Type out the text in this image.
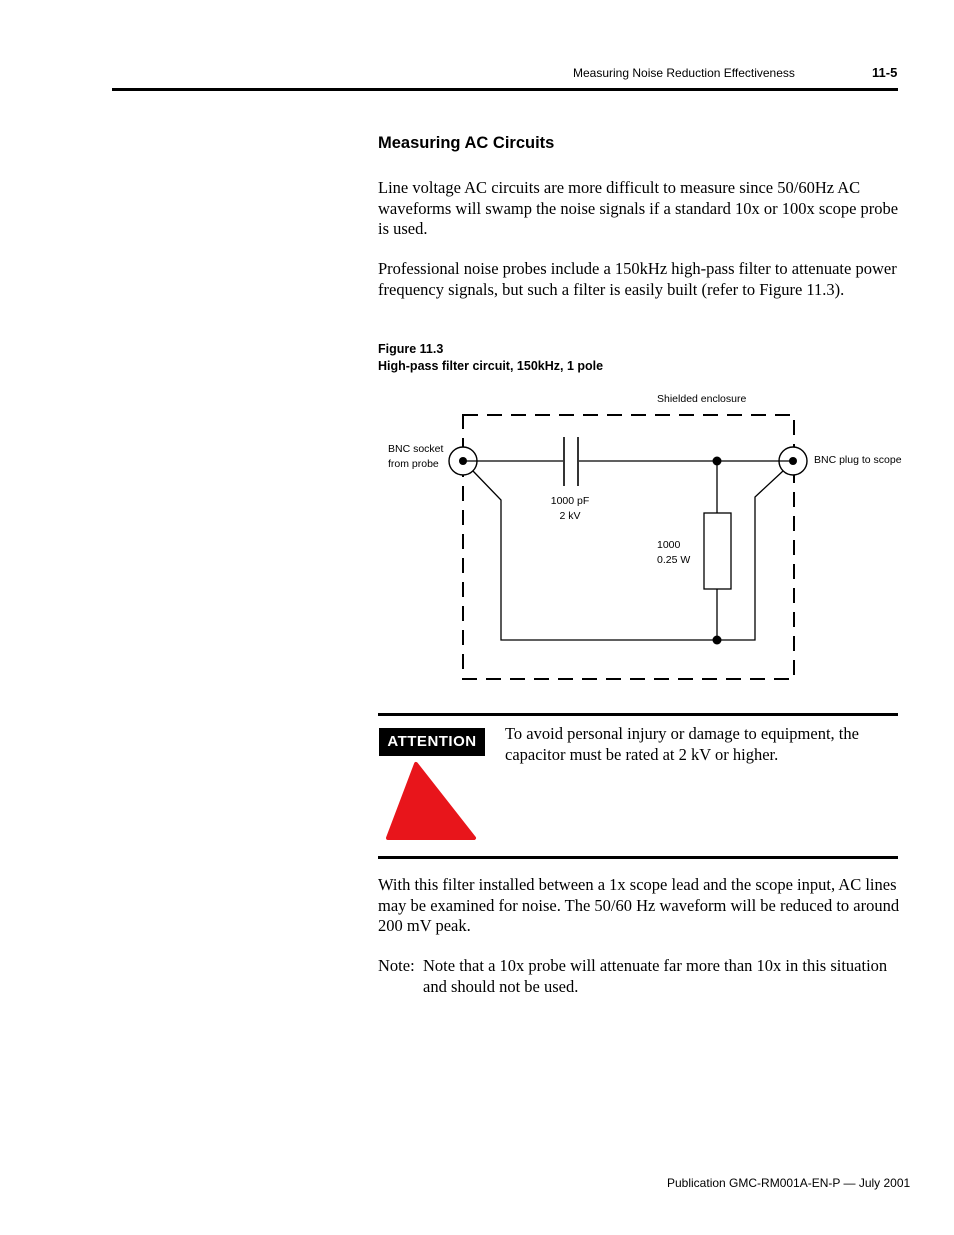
Measuring Noise Reduction Effectiveness	11-5
Measuring AC Circuits
Line voltage AC circuits are more difficult to measure since 50/60Hz AC waveforms will swamp the noise signals if a standard 10x or 100x scope probe is used.
Professional noise probes include a 150kHz high-pass filter to attenuate power frequency signals, but such a filter is easily built (refer to Figure 11.3).
Figure 11.3
High-pass filter circuit, 150kHz, 1 pole
Shielded enclosure
BNC socket
from probe	BNC plug to scope
1000 pF
2 kV
1000
0.25 W
ATTENTION	To avoid personal injury or damage to equipment, the capacitor must be rated at 2 kV or higher.
With this filter installed between a 1x scope lead and the scope input, AC lines may be examined for noise. The 50/60 Hz waveform will be reduced to around 200 mV peak.
Note: Note that a 10x probe will attenuate far more than 10x in this situation and should not be used.
Publication GMC-RM001A-EN-P — July 2001
